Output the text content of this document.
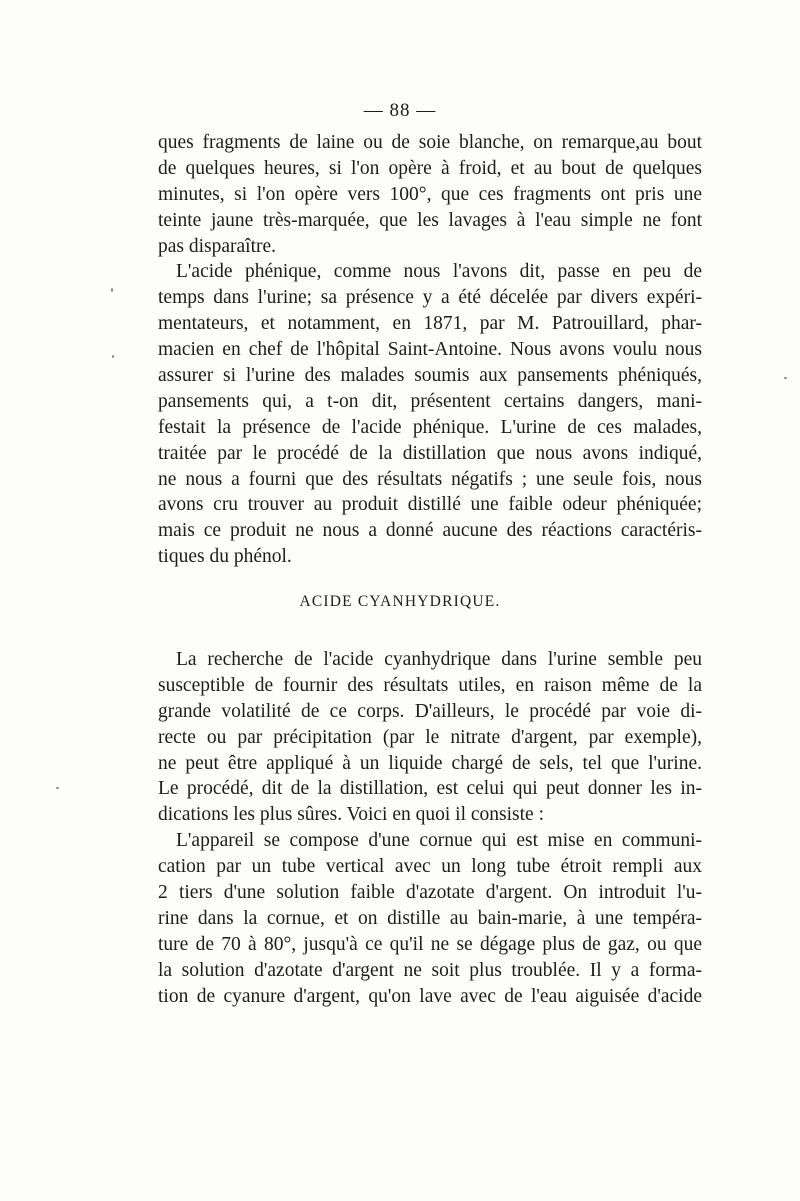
— 88 —
ques fragments de laine ou de soie blanche, on remarque,au bout
de quelques heures, si l'on opère à froid, et au bout de quelques
minutes, si l'on opère vers 100°, que ces fragments ont pris une
teinte jaune très-marquée, que les lavages à l'eau simple ne font
pas disparaître.
L'acide phénique, comme nous l'avons dit, passe en peu de
temps dans l'urine; sa présence y a été décelée par divers expéri-
mentateurs, et notamment, en 1871, par M. Patrouillard, phar-
macien en chef de l'hôpital Saint-Antoine. Nous avons voulu nous
assurer si l'urine des malades soumis aux pansements phéniqués,
pansements qui, a t-on dit, présentent certains dangers, mani-
festait la présence de l'acide phénique. L'urine de ces malades,
traitée par le procédé de la distillation que nous avons indiqué,
ne nous a fourni que des résultats négatifs ; une seule fois, nous
avons cru trouver au produit distillé une faible odeur phéniquée;
mais ce produit ne nous a donné aucune des réactions caractéris-
tiques du phénol.
ACIDE CYANHYDRIQUE.
La recherche de l'acide cyanhydrique dans l'urine semble peu
susceptible de fournir des résultats utiles, en raison même de la
grande volatilité de ce corps. D'ailleurs, le procédé par voie di-
recte ou par précipitation (par le nitrate d'argent, par exemple),
ne peut être appliqué à un liquide chargé de sels, tel que l'urine.
Le procédé, dit de la distillation, est celui qui peut donner les in-
dications les plus sûres. Voici en quoi il consiste :
L'appareil se compose d'une cornue qui est mise en communi-
cation par un tube vertical avec un long tube étroit rempli aux
2 tiers d'une solution faible d'azotate d'argent. On introduit l'u-
rine dans la cornue, et on distille au bain-marie, à une tempéra-
ture de 70 à 80°, jusqu'à ce qu'il ne se dégage plus de gaz, ou que
la solution d'azotate d'argent ne soit plus troublée. Il y a forma-
tion de cyanure d'argent, qu'on lave avec de l'eau aiguisée d'acide
